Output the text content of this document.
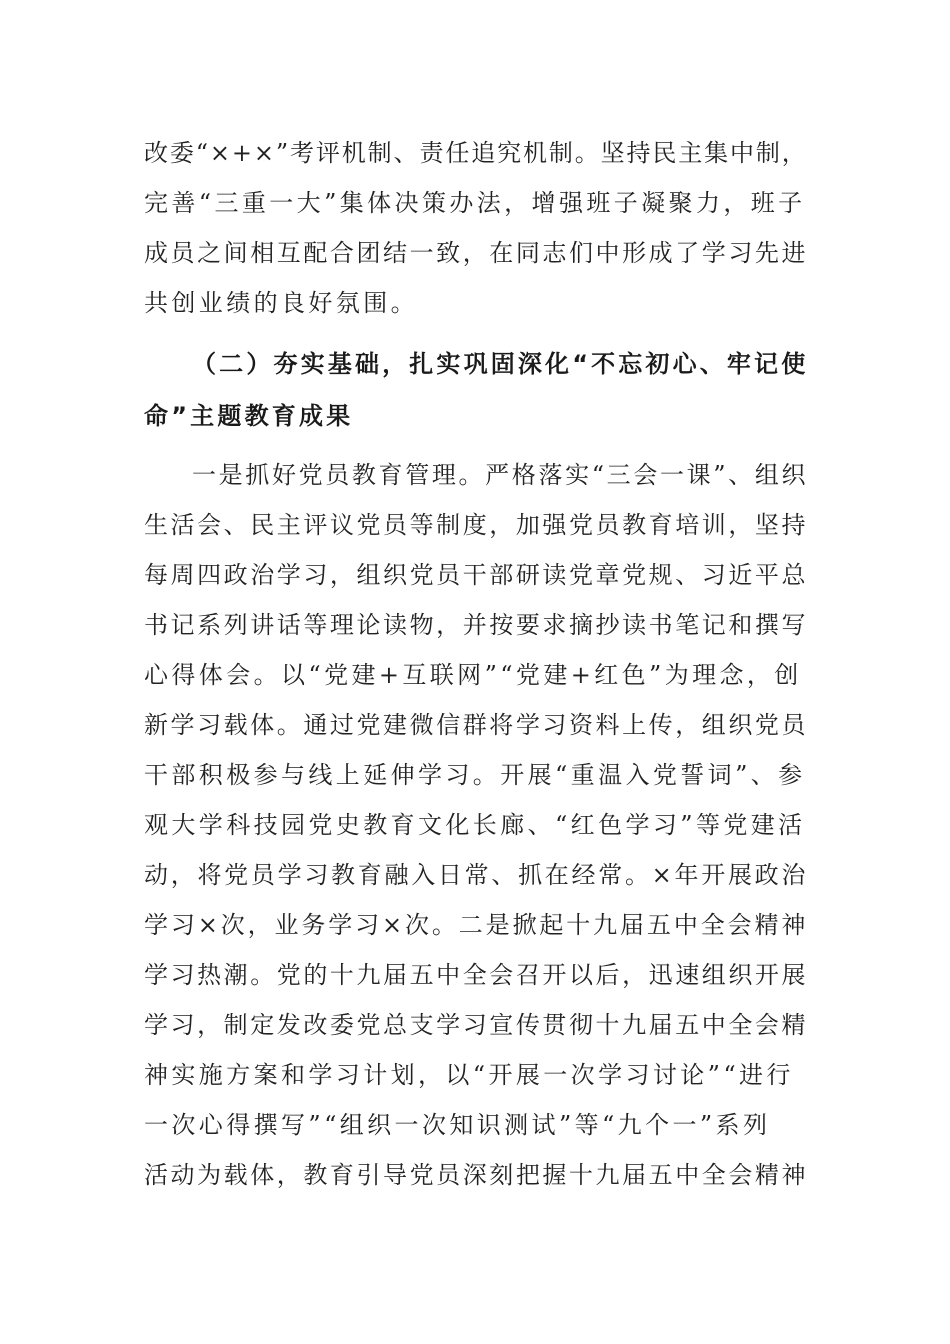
改委“×+×”考评机制、责任追究机制。坚持民主集中制，
完善“三重一大”集体决策办法，增强班子凝聚力，班子
成员之间相互配合团结一致，在同志们中形成了学习先进
共创业绩的良好氛围。
（二）夯实基础，扎实巩固深化“不忘初心、牢记使
命”主题教育成果
一是抓好党员教育管理。严格落实“三会一课”、组织
生活会、民主评议党员等制度，加强党员教育培训，坚持
每周四政治学习，组织党员干部研读党章党规、习近平总
书记系列讲话等理论读物，并按要求摘抄读书笔记和撰写
心得体会。以“党建+互联网”“党建+红色”为理念，创
新学习载体。通过党建微信群将学习资料上传，组织党员
干部积极参与线上延伸学习。开展“重温入党誓词”、参
观大学科技园党史教育文化长廊、“红色学习”等党建活
动，将党员学习教育融入日常、抓在经常。×年开展政治
学习×次，业务学习×次。二是掀起十九届五中全会精神
学习热潮。党的十九届五中全会召开以后，迅速组织开展
学习，制定发改委党总支学习宣传贯彻十九届五中全会精
神实施方案和学习计划，以“开展一次学习讨论”“进行
一次心得撰写”“组织一次知识测试”等“九个一”系列
活动为载体，教育引导党员深刻把握十九届五中全会精神
